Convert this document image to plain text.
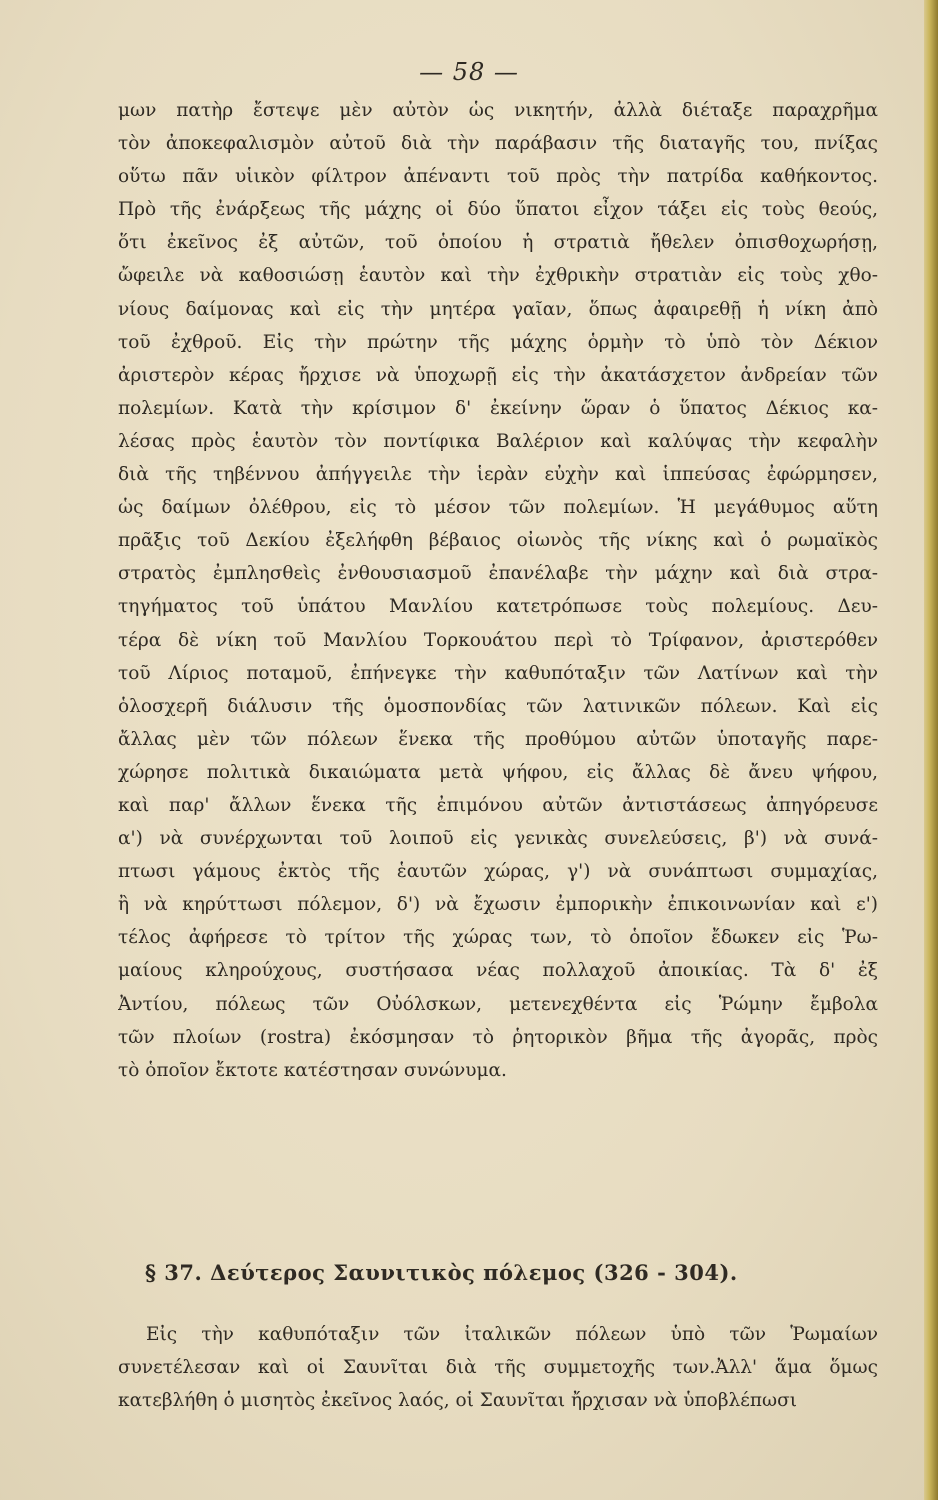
— 58 —
μων πατὴρ ἔστεψε μὲν αὐτὸν ὡς νικητήν, ἀλλὰ διέταξε παραχρῆμα
τὸν ἀποκεφαλισμὸν αὐτοῦ διὰ τὴν παράβασιν τῆς διαταγῆς του, πνίξας
οὕτω πᾶν υἱικὸν φίλτρον ἀπέναντι τοῦ πρὸς τὴν πατρίδα καθήκοντος.
Πρὸ τῆς ἐνάρξεως τῆς μάχης οἱ δύο ὕπατοι εἶχον τάξει εἰς τοὺς θεούς,
ὅτι ἐκεῖνος ἐξ αὐτῶν, τοῦ ὁποίου ἡ στρατιὰ ἤθελεν ὀπισθοχωρήσῃ,
ὤφειλε νὰ καθοσιώσῃ ἑαυτὸν καὶ τὴν ἐχθρικὴν στρατιὰν εἰς τοὺς χθο-
νίους δαίμονας καὶ εἰς τὴν μητέρα γαῖαν, ὅπως ἀφαιρεθῇ ἡ νίκη ἀπὸ
τοῦ ἐχθροῦ. Εἰς τὴν πρώτην τῆς μάχης ὁρμὴν τὸ ὑπὸ τὸν Δέκιον
ἀριστερὸν κέρας ἤρχισε νὰ ὑποχωρῇ εἰς τὴν ἀκατάσχετον ἀνδρείαν τῶν
πολεμίων. Κατὰ τὴν κρίσιμον δ' ἐκείνην ὥραν ὁ ὕπατος Δέκιος κα-
λέσας πρὸς ἑαυτὸν τὸν ποντίφικα Βαλέριον καὶ καλύψας τὴν κεφαλὴν
διὰ τῆς τηβέννου ἀπήγγειλε τὴν ἱερὰν εὐχὴν καὶ ἱππεύσας ἐφώρμησεν,
ὡς δαίμων ὀλέθρου, εἰς τὸ μέσον τῶν πολεμίων. Ἡ μεγάθυμος αὕτη
πρᾶξις τοῦ Δεκίου ἐξελήφθη βέβαιος οἰωνὸς τῆς νίκης καὶ ὁ ρωμαϊκὸς
στρατὸς ἐμπλησθεὶς ἐνθουσιασμοῦ ἐπανέλαβε τὴν μάχην καὶ διὰ στρα-
τηγήματος τοῦ ὑπάτου Μανλίου κατετρόπωσε τοὺς πολεμίους. Δευ-
τέρα δὲ νίκη τοῦ Μανλίου Τορκουάτου περὶ τὸ Τρίφανον, ἀριστερόθεν
τοῦ Λίριος ποταμοῦ, ἐπήνεγκε τὴν καθυπόταξιν τῶν Λατίνων καὶ τὴν
ὁλοσχερῆ διάλυσιν τῆς ὁμοσπονδίας τῶν λατινικῶν πόλεων. Καὶ εἰς
ἄλλας μὲν τῶν πόλεων ἕνεκα τῆς προθύμου αὐτῶν ὑποταγῆς παρε-
χώρησε πολιτικὰ δικαιώματα μετὰ ψήφου, εἰς ἄλλας δὲ ἄνευ ψήφου,
καὶ παρ' ἄλλων ἕνεκα τῆς ἐπιμόνου αὐτῶν ἀντιστάσεως ἀπηγόρευσε
α') νὰ συνέρχωνται τοῦ λοιποῦ εἰς γενικὰς συνελεύσεις, β') νὰ συνά-
πτωσι γάμους ἐκτὸς τῆς ἑαυτῶν χώρας, γ') νὰ συνάπτωσι συμμαχίας,
ἢ νὰ κηρύττωσι πόλεμον, δ') νὰ ἔχωσιν ἐμπορικὴν ἐπικοινωνίαν καὶ ε')
τέλος ἀφήρεσε τὸ τρίτον τῆς χώρας των, τὸ ὁποῖον ἔδωκεν εἰς Ῥω-
μαίους κληρούχους, συστήσασα νέας πολλαχοῦ ἀποικίας. Τὰ δ' ἐξ
Ἀντίου, πόλεως τῶν Οὐόλσκων, μετενεχθέντα εἰς Ῥώμην ἔμβολα
τῶν πλοίων (rostra) ἐκόσμησαν τὸ ῥητορικὸν βῆμα τῆς ἀγορᾶς, πρὸς
τὸ ὁποῖον ἔκτοτε κατέστησαν συνώνυμα.
§ 37. Δεύτερος Σαυνιτικὸς πόλεμος (326 - 304).
Εἰς τὴν καθυπόταξιν τῶν ἰταλικῶν πόλεων ὑπὸ τῶν Ῥωμαίων
συνετέλεσαν καὶ οἱ Σαυνῖται διὰ τῆς συμμετοχῆς των.Ἀλλ' ἅμα ὅμως
κατεβλήθη ὁ μισητὸς ἐκεῖνος λαός, οἱ Σαυνῖται ἤρχισαν νὰ ὑποβλέπωσι
